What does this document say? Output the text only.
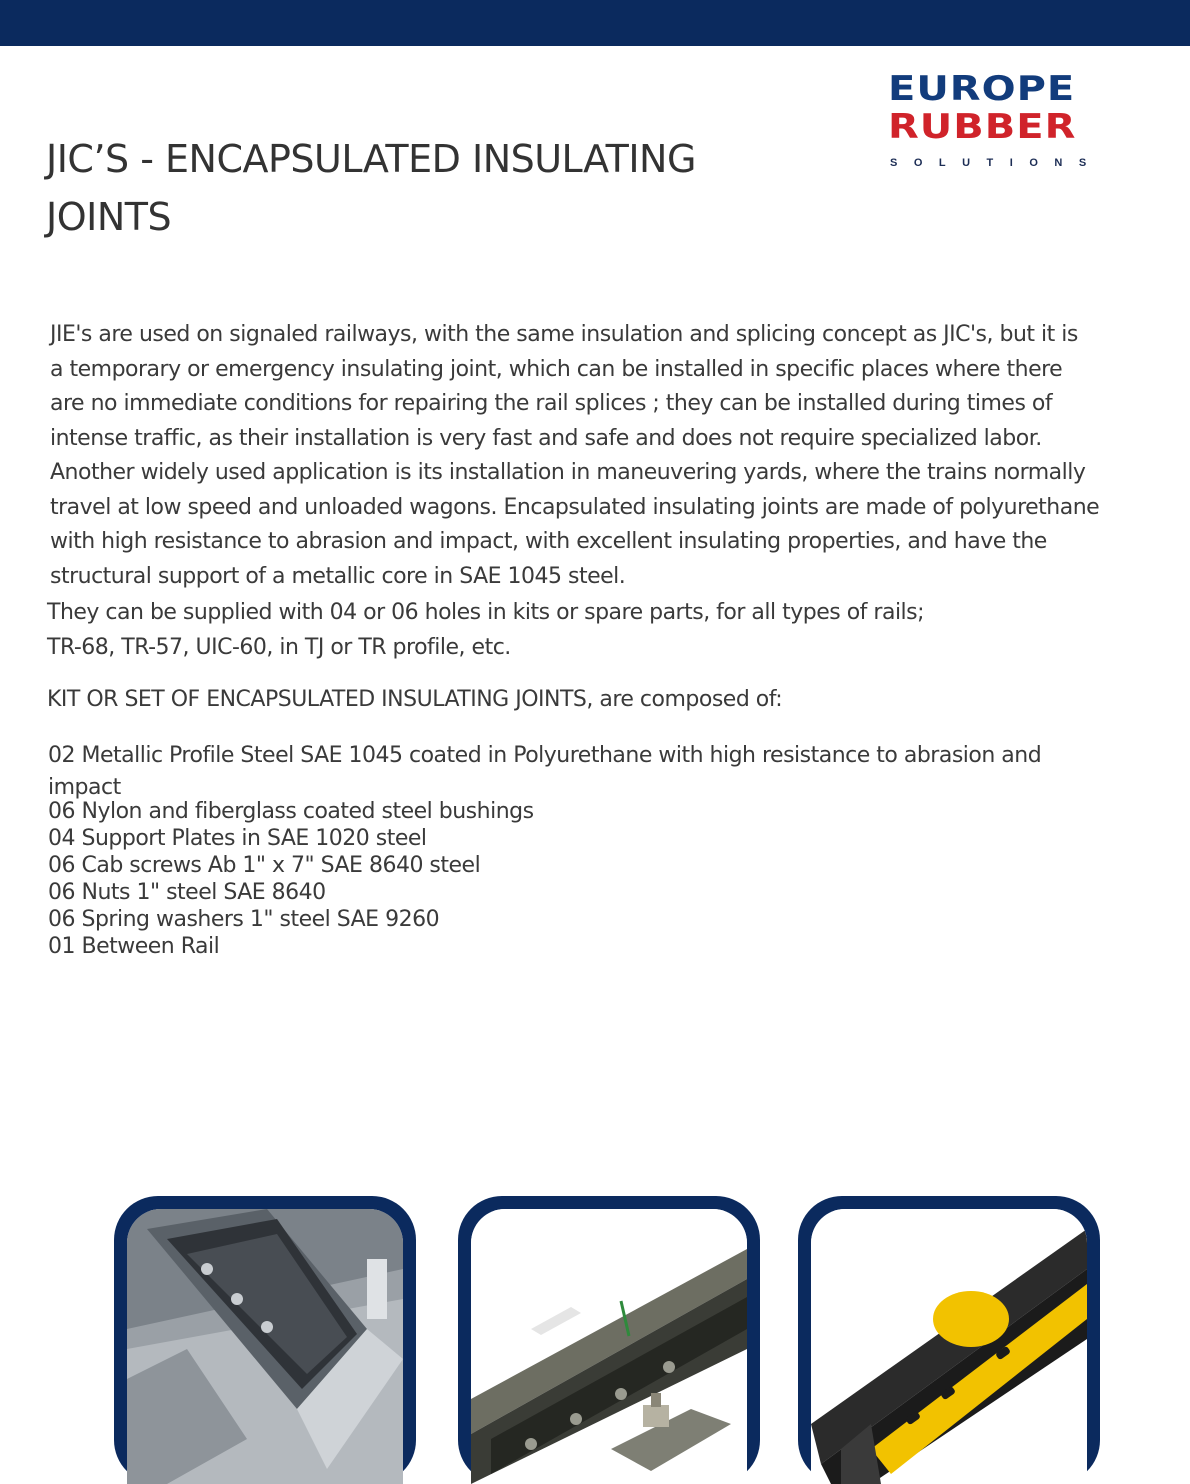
EUROPE
RUBBER
SOLUTIONS
JIC’S - ENCAPSULATED INSULATING
JOINTS
JIE's are used on signaled railways, with the same insulation and splicing concept as JIC's, but it is
a temporary or emergency insulating joint, which can be installed in specific places where there
are no immediate conditions for repairing the rail splices ; they can be installed during times of
intense traffic, as their installation is very fast and safe and does not require specialized labor.
Another widely used application is its installation in maneuvering yards, where the trains normally
travel at low speed and unloaded wagons. Encapsulated insulating joints are made of polyurethane
with high resistance to abrasion and impact, with excellent insulating properties, and have the
structural support of a metallic core in SAE 1045 steel.
They can be supplied with 04 or 06 holes in kits or spare parts, for all types of rails;
TR-68, TR-57, UIC-60, in TJ or TR profile, etc.
KIT OR SET OF ENCAPSULATED INSULATING JOINTS, are composed of:
02 Metallic Profile Steel SAE 1045 coated in Polyurethane with high resistance to abrasion and impact
06 Nylon and fiberglass coated steel bushings
04 Support Plates in SAE 1020 steel
06 Cab screws Ab 1" x 7" SAE 8640 steel
06 Nuts 1" steel SAE 8640
06 Spring washers 1" steel SAE 9260
01 Between Rail
